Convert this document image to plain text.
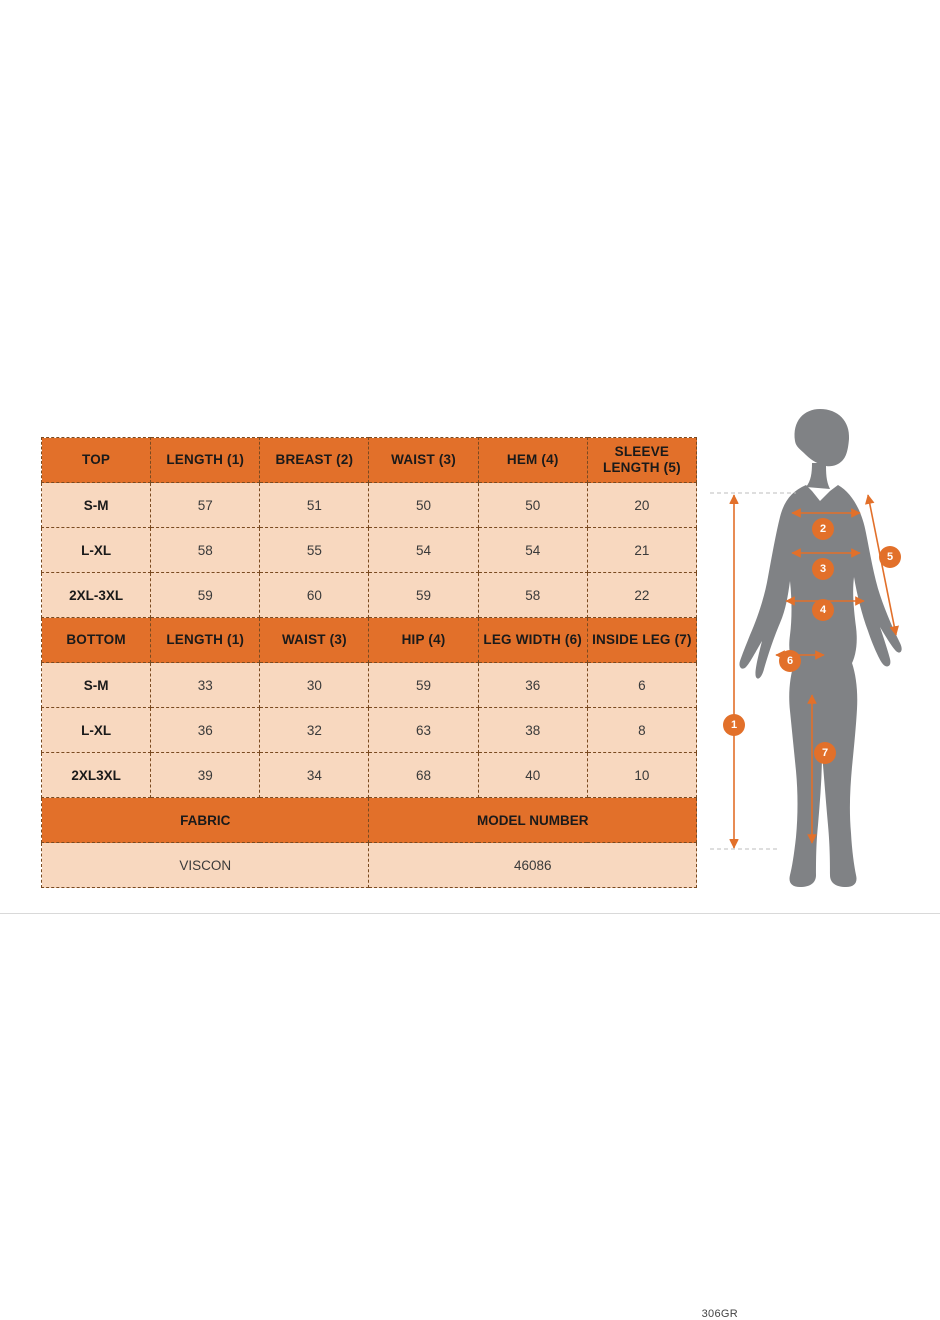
TOP	LENGTH (1)	BREAST (2)	WAIST (3)	HEM (4)	SLEEVE LENGTH (5)
S-M	57	51	50	50	20
L-XL	58	55	54	54	21
2XL-3XL	59	60	59	58	22
BOTTOM	LENGTH (1)	WAIST (3)	HIP (4)	LEG WIDTH (6)	INSIDE LEG (7)
S-M	33	30	59	36	6
L-XL	36	32	63	38	8
2XL3XL	39	34	68	40	10
FABRIC			MODEL NUMBER		
VISCON			46086		
306GR
1
2
3
4
5
6
7
